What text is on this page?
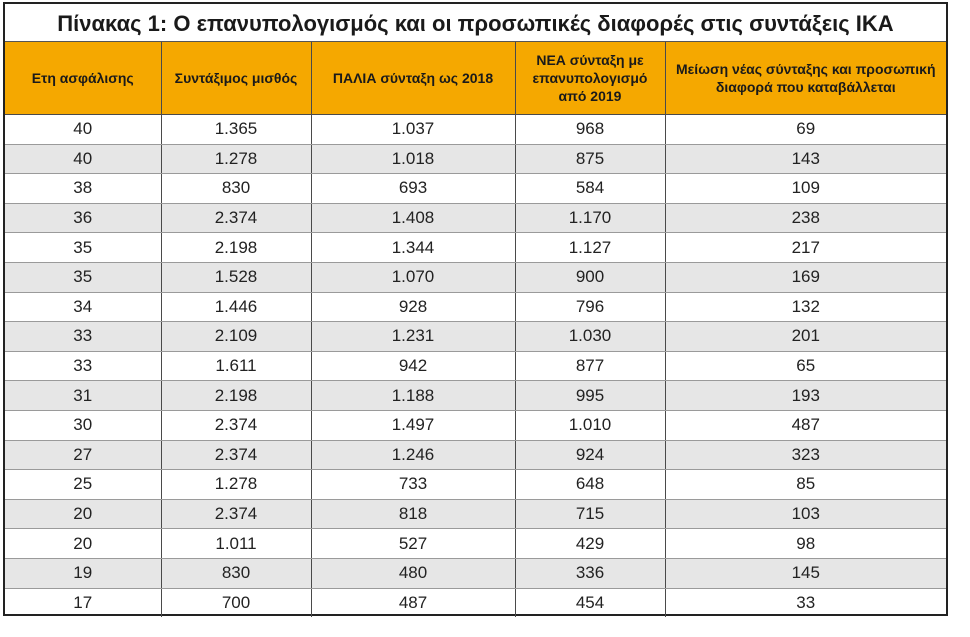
Πίνακας 1: Ο επανυπολογισμός και οι προσωπικές διαφορές στις συντάξεις ΙΚΑ
Ετη ασφάλισης	Συντάξιμος μισθός	ΠΑΛΙΑ σύνταξη ως 2018	ΝΕΑ σύνταξη με επανυπολογισμό από 2019	Μείωση νέας σύνταξης και προσωπική διαφορά που καταβάλλεται
40	1.365	1.037	968	69
40	1.278	1.018	875	143
38	830	693	584	109
36	2.374	1.408	1.170	238
35	2.198	1.344	1.127	217
35	1.528	1.070	900	169
34	1.446	928	796	132
33	2.109	1.231	1.030	201
33	1.611	942	877	65
31	2.198	1.188	995	193
30	2.374	1.497	1.010	487
27	2.374	1.246	924	323
25	1.278	733	648	85
20	2.374	818	715	103
20	1.011	527	429	98
19	830	480	336	145
17	700	487	454	33
